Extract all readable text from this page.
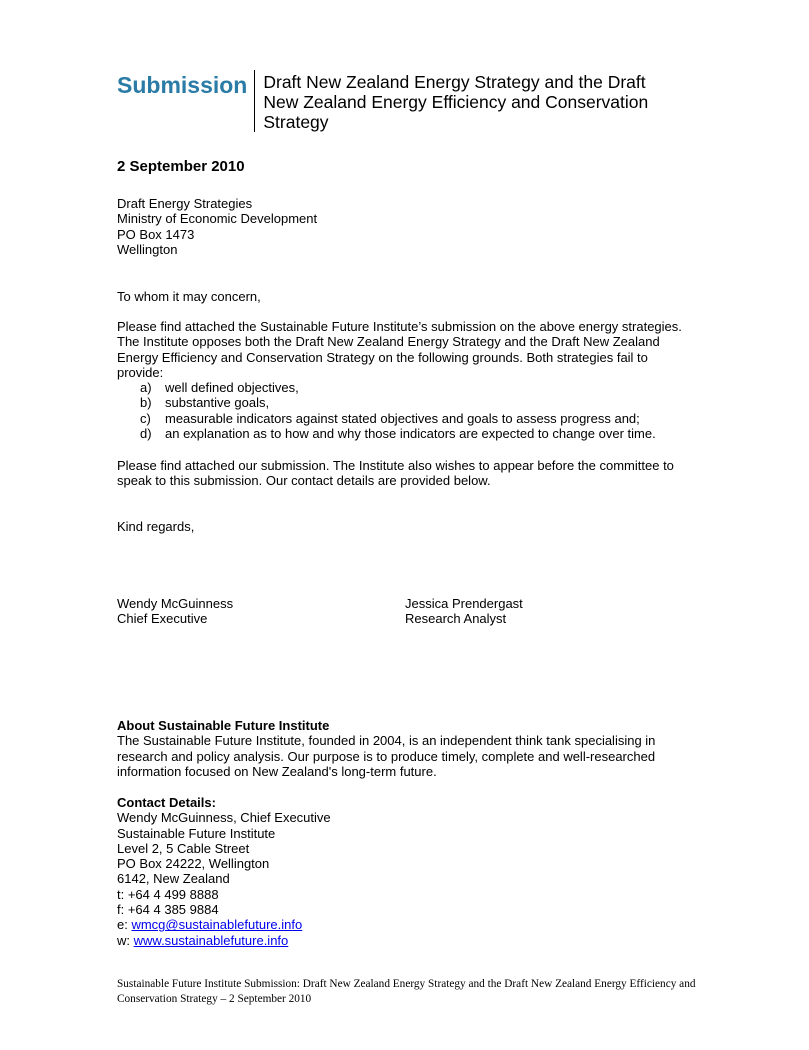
Submission Draft New Zealand Energy Strategy and the Draft New Zealand Energy Efficiency and Conservation Strategy
2 September 2010
Draft Energy Strategies
Ministry of Economic Development
PO Box 1473
Wellington
To whom it may concern,
Please find attached the Sustainable Future Institute’s submission on the above energy strategies. The Institute opposes both the Draft New Zealand Energy Strategy and the Draft New Zealand Energy Efficiency and Conservation Strategy on the following grounds. Both strategies fail to provide:
a)	well defined objectives,
b)	substantive goals,
c)	measurable indicators against stated objectives and goals to assess progress and;
d)	an explanation as to how and why those indicators are expected to change over time.
Please find attached our submission. The Institute also wishes to appear before the committee to speak to this submission. Our contact details are provided below.
Kind regards,
Wendy McGuinness
Chief Executive
Jessica Prendergast
Research Analyst
About Sustainable Future Institute
The Sustainable Future Institute, founded in 2004, is an independent think tank specialising in research and policy analysis. Our purpose is to produce timely, complete and well-researched information focused on New Zealand's long-term future.
Contact Details:
Wendy McGuinness, Chief Executive
Sustainable Future Institute
Level 2, 5 Cable Street
PO Box 24222, Wellington
6142, New Zealand
t: +64 4 499 8888
f: +64 4 385 9884
e: wmcg@sustainablefuture.info
w: www.sustainablefuture.info
Sustainable Future Institute Submission: Draft New Zealand Energy Strategy and the Draft New Zealand Energy Efficiency and Conservation Strategy – 2 September 2010
